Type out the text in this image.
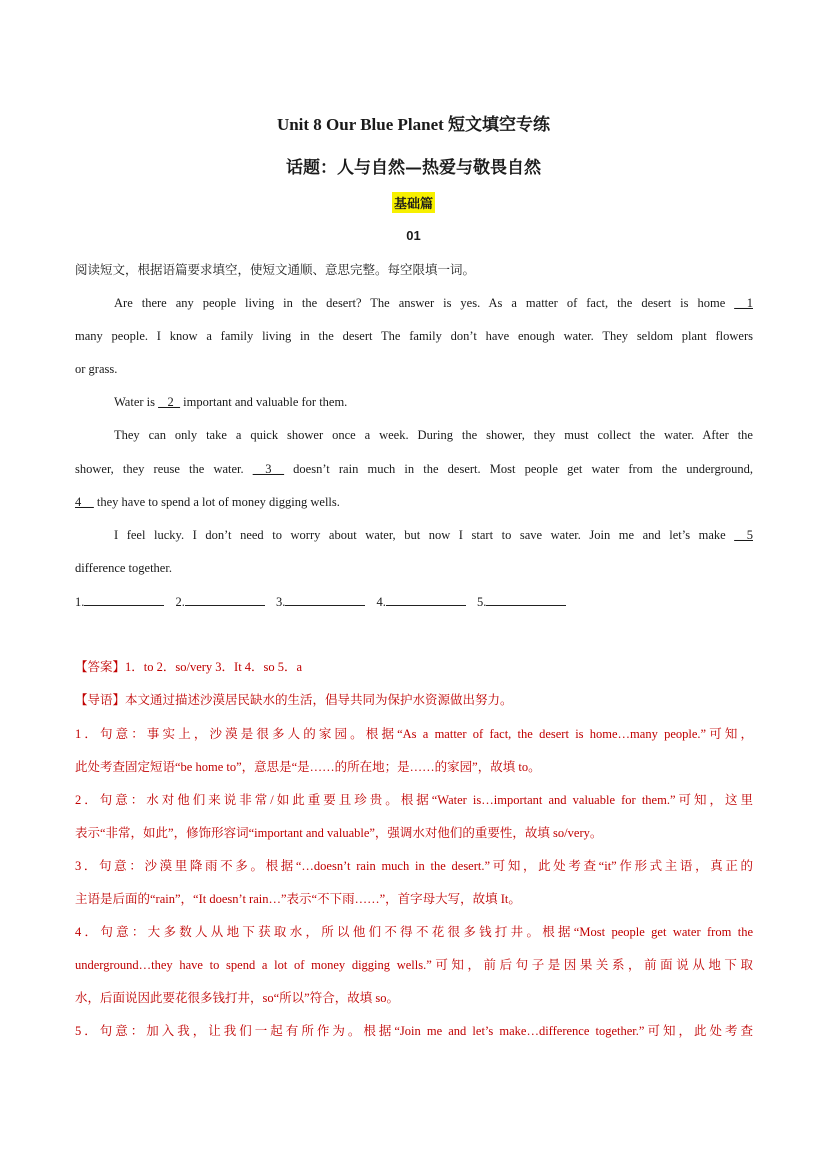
Unit 8 Our Blue Planet 短文填空专练
话题：人与自然—热爱与敬畏自然
基础篇
01
阅读短文，根据语篇要求填空，使短文通顺、意思完整。每空限填一词。
Are there any people living in the desert? The answer is yes. As a matter of fact, the desert is home __1
many people. I know a family living in the desert The family don’t have enough water. They seldom plant flowers
or grass.
Water is _ 2_ important and valuable for them.
They can only take a quick shower once a week. During the shower, they must collect the water. After the
shower, they reuse the water. __3__ doesn’t rain much in the desert. Most people get water from the underground,
4__ they have to spend a lot of money digging wells.
I feel lucky. I don’t need to worry about water, but now I start to save water. Join me and let’s make __5
difference together.
1.	2.	3.	4.	5.
【答案】1．to 2．so/very 3．It 4．so 5．a
【导语】本文通过描述沙漠居民缺水的生活，倡导共同为保护水资源做出努力。
1．句意：事实上，沙漠是很多人的家园。根据“As a matter of fact, the desert is home…many people.”可知，
此处考查固定短语“be home to”，意思是“是……的所在地；是……的家园”，故填 to。
2．句意：水对他们来说非常/如此重要且珍贵。根据“Water is…important and valuable for them.”可知，这里
表示“非常，如此”，修饰形容词“important and valuable”，强调水对他们的重要性，故填 so/very。
3．句意：沙漠里降雨不多。根据“…doesn’t rain much in the desert.”可知，此处考查“it”作形式主语，真正的
主语是后面的“rain”，“It doesn’t rain…”表示“不下雨……”，首字母大写，故填 It。
4．句意：大多数人从地下获取水，所以他们不得不花很多钱打井。根据“Most people get water from the
underground…they have to spend a lot of money digging wells.”可知，前后句子是因果关系，前面说从地下取
水，后面说因此要花很多钱打井，so“所以”符合，故填 so。
5．句意：加入我，让我们一起有所作为。根据“Join me and let’s make…difference together.”可知，此处考查
